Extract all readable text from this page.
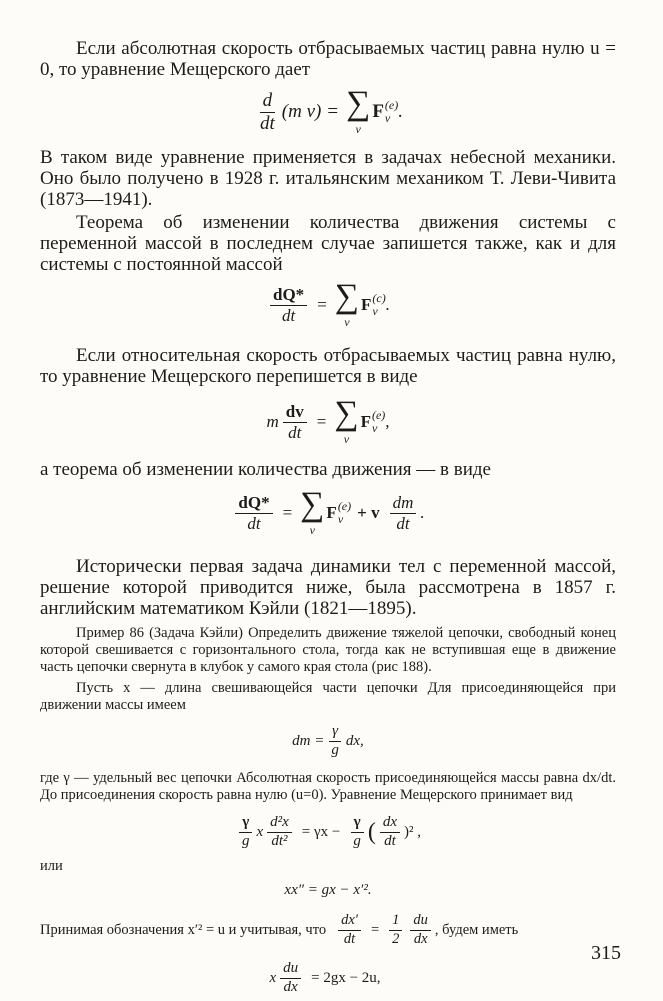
Если абсолютная скорость отбрасываемых частиц равна нулю u = 0, то уравнение Мещерского дает

$\frac{d}{dt} (m$ v) = ∑
ν
F (e)
ν .

В таком виде уравнение применяется в задачах небесной механики. Оно было получено в 1928 г. итальянским механиком Т. Леви-Чивита (1873—1941).

Теорема об изменении количества движения системы с переменной массой в последнем случае запишется также, как и для системы с постоянной массой

$\frac{dQ*}{dt}$ = ∑
ν
F (c)
ν .

Если относительная скорость отбрасываемых частиц равна нулю, то уравнение Мещерского перепишется в виде

m $\frac{dv}{dt}$ = ∑
ν
F (e)
ν ,

а теорема об изменении количества движения — в виде

$\frac{dQ*}{dt}$ = ∑
ν
F (e)
ν + v $\frac{dm}{dt}$ .

Исторически первая задача динамики тел с переменной массой, решение которой приводится ниже, была рассмотрена в 1857 г. английским математиком Кэйли (1821—1895).

Пример 86 (Задача Кэйли) Определить движение тяжелой цепочки, свободный конец которой свешивается с горизонтального стола, тогда как не вступившая еще в движение часть цепочки свернута в клубок у самого края стола (рис 188).

Пусть x — длина свешивающейся части цепочки Для присоединяющейся при движении массы имеем

dm = $\frac{\gamma}{g}$ dx,

где γ — удельный вес цепочки Абсолютная скорость присоединяющейся массы равна dx/dt. До присоединения скорость равна нулю (u=0). Уравнение Мещерского принимает вид

$\frac{\gamma}{g}$ x $\frac{\text{d²x}}{\text{dt²}} = \gamma x - \frac{\gamma}{g}$ ( $\frac{dx}{dt} )^2$ ,

или

xx″ = gx − x′².
Принимая обозначения x′² = u и учитывая, что $\frac{dx'}{dt} = \frac{1}{2} \frac{du}{dx}$ , будем иметь
x $\frac{du}{dx} = 2gx - 2u$,
315
